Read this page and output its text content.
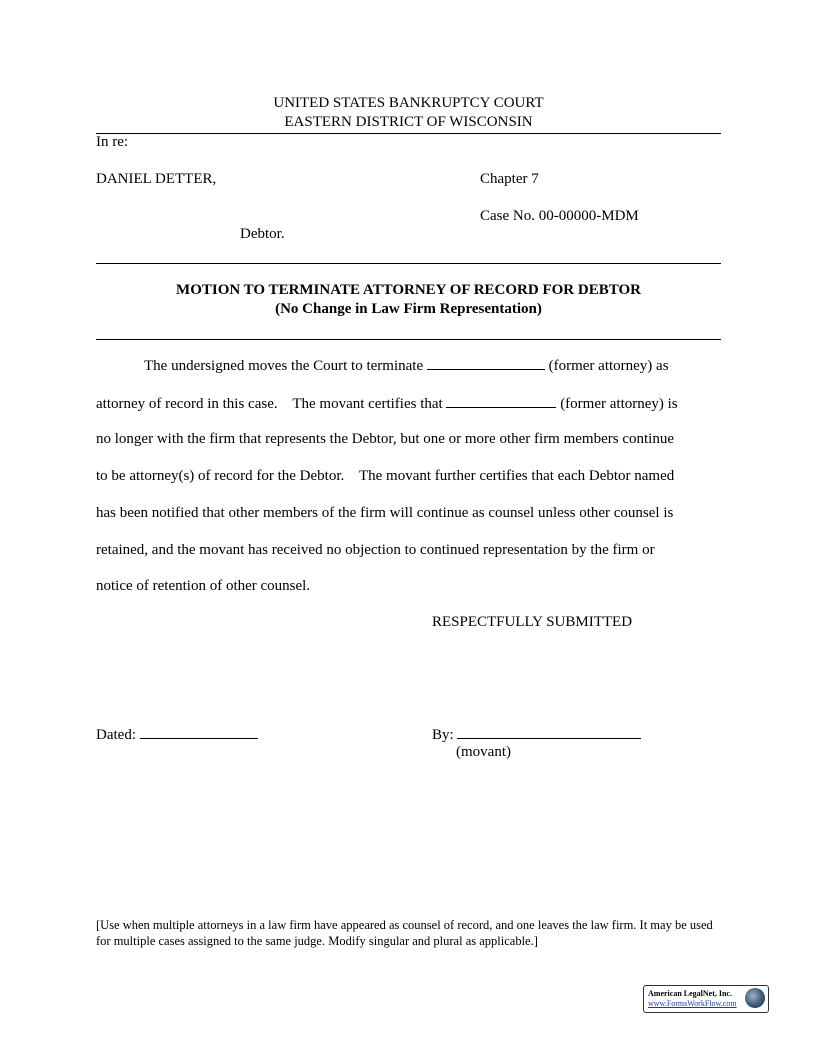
UNITED STATES BANKRUPTCY COURT
EASTERN DISTRICT OF WISCONSIN
In re:
DANIEL DETTER,	Chapter 7
Case No. 00-00000-MDM
Debtor.
MOTION TO TERMINATE ATTORNEY OF RECORD FOR DEBTOR
(No Change in Law Firm Representation)
The undersigned moves the Court to terminate	(former attorney) as
attorney of record in this case.    The movant certifies that	(former attorney) is
no longer with the firm that represents the Debtor, but one or more other firm members continue
to be attorney(s) of record for the Debtor.    The movant further certifies that each Debtor named
has been notified that other members of the firm will continue as counsel unless other counsel is
retained, and the movant has received no objection to continued representation by the firm or
notice of retention of other counsel.
RESPECTFULLY SUBMITTED
Dated:	By:
(movant)
[Use when multiple attorneys in a law firm have appeared as counsel of record, and one leaves the law firm. It may be used for multiple cases assigned to the same judge. Modify singular and plural as applicable.]
American LegalNet, Inc.
www.FormsWorkFlow.com
